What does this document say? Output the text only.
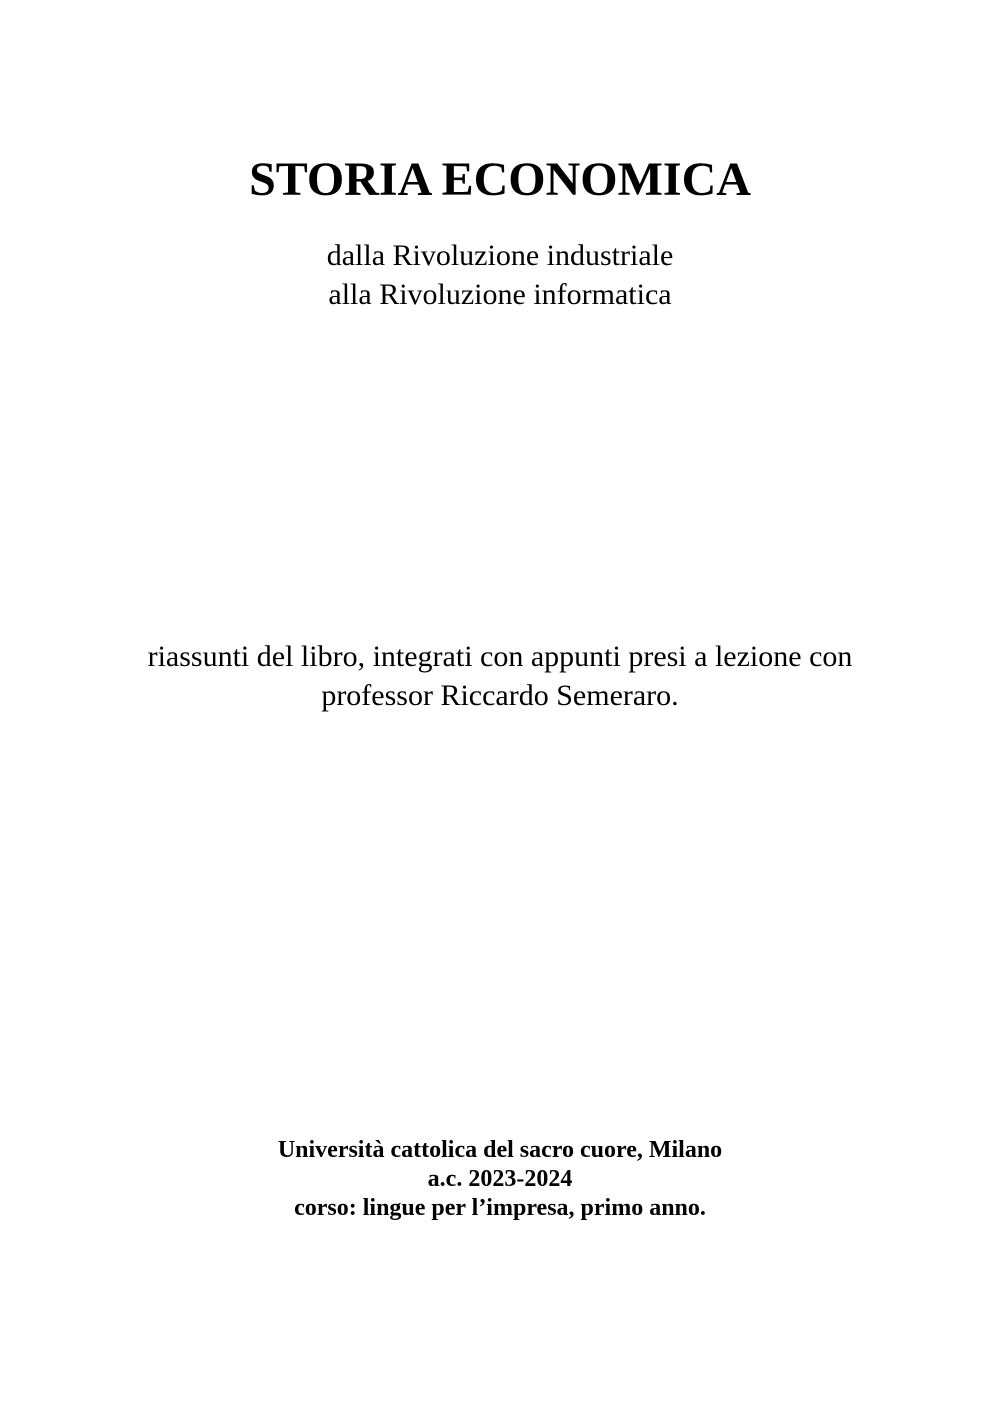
STORIA ECONOMICA
dalla Rivoluzione industriale
alla Rivoluzione informatica
riassunti del libro, integrati con appunti presi a lezione con
professor Riccardo Semeraro.
Università cattolica del sacro cuore, Milano
a.c. 2023-2024
corso: lingue per l’impresa, primo anno.
